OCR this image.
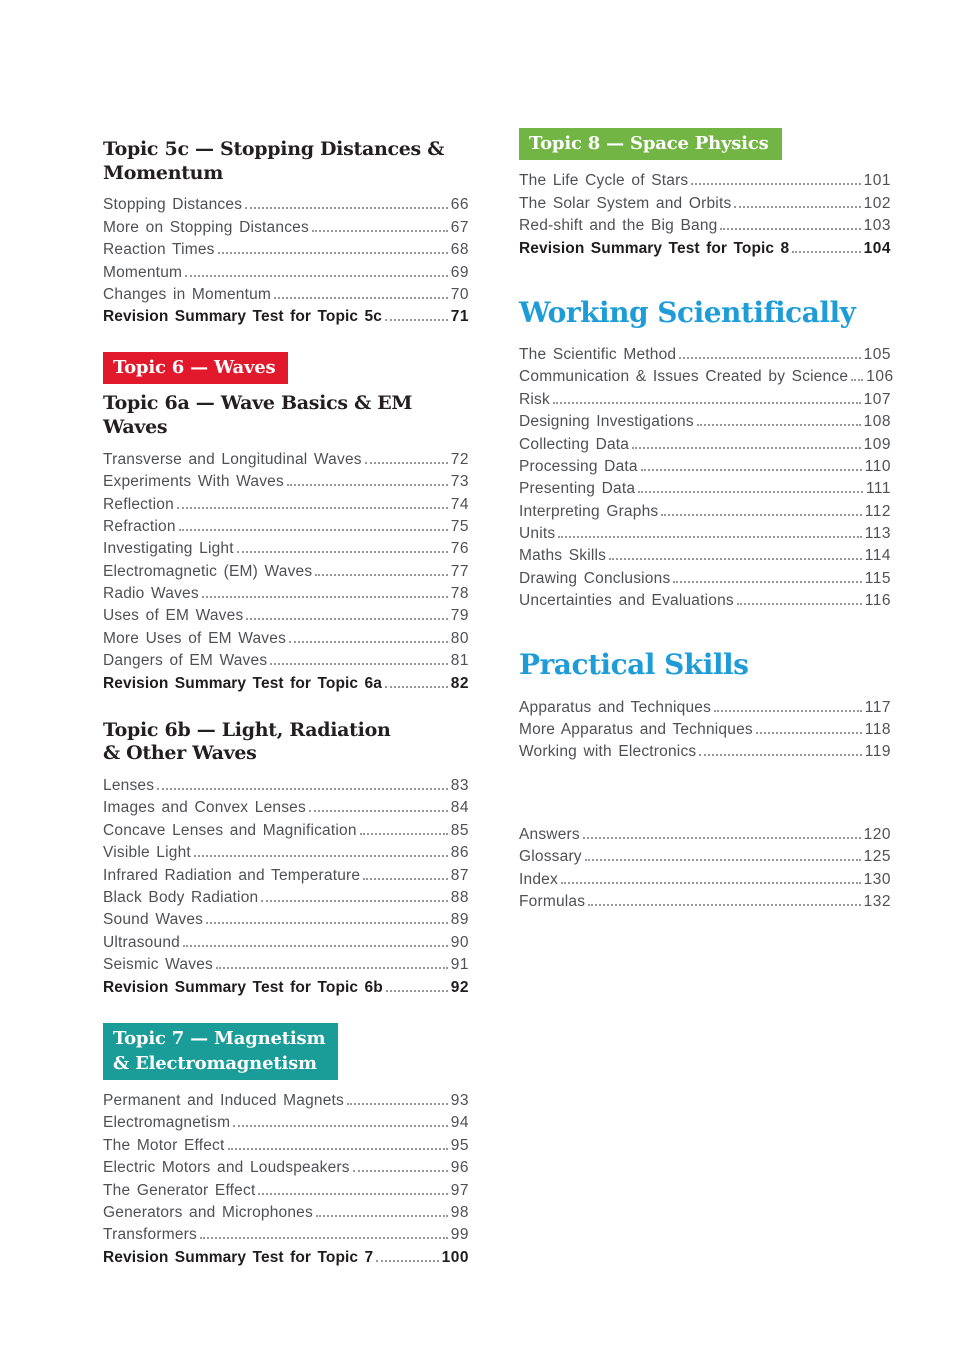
Topic 5c — Stopping Distances &
Momentum
Stopping Distances	66
More on Stopping Distances	67
Reaction Times	68
Momentum	69
Changes in Momentum	70
Revision Summary Test for Topic 5c	71
Topic 6 — Waves
Topic 6a — Wave Basics & EM Waves
Transverse and Longitudinal Waves	72
Experiments With Waves	73
Reflection	74
Refraction	75
Investigating Light	76
Electromagnetic (EM) Waves	77
Radio Waves	78
Uses of EM Waves	79
More Uses of EM Waves	80
Dangers of EM Waves	81
Revision Summary Test for Topic 6a	82
Topic 6b — Light, Radiation
& Other Waves
Lenses	83
Images and Convex Lenses	84
Concave Lenses and Magnification	85
Visible Light	86
Infrared Radiation and Temperature	87
Black Body Radiation	88
Sound Waves	89
Ultrasound	90
Seismic Waves	91
Revision Summary Test for Topic 6b	92
Topic 7 — Magnetism
& Electromagnetism
Permanent and Induced Magnets	93
Electromagnetism	94
The Motor Effect	95
Electric Motors and Loudspeakers	96
The Generator Effect	97
Generators and Microphones	98
Transformers	99
Revision Summary Test for Topic 7	100
Topic 8 — Space Physics
The Life Cycle of Stars	101
The Solar System and Orbits	102
Red-shift and the Big Bang	103
Revision Summary Test for Topic 8	104
Working Scientifically
The Scientific Method	105
Communication & Issues Created by Science 106
Risk	107
Designing Investigations	108
Collecting Data	109
Processing Data	110
Presenting Data	111
Interpreting Graphs	112
Units	113
Maths Skills	114
Drawing Conclusions	115
Uncertainties and Evaluations	116
Practical Skills
Apparatus and Techniques	117
More Apparatus and Techniques	118
Working with Electronics	119
Answers	120
Glossary	125
Index	130
Formulas	132
